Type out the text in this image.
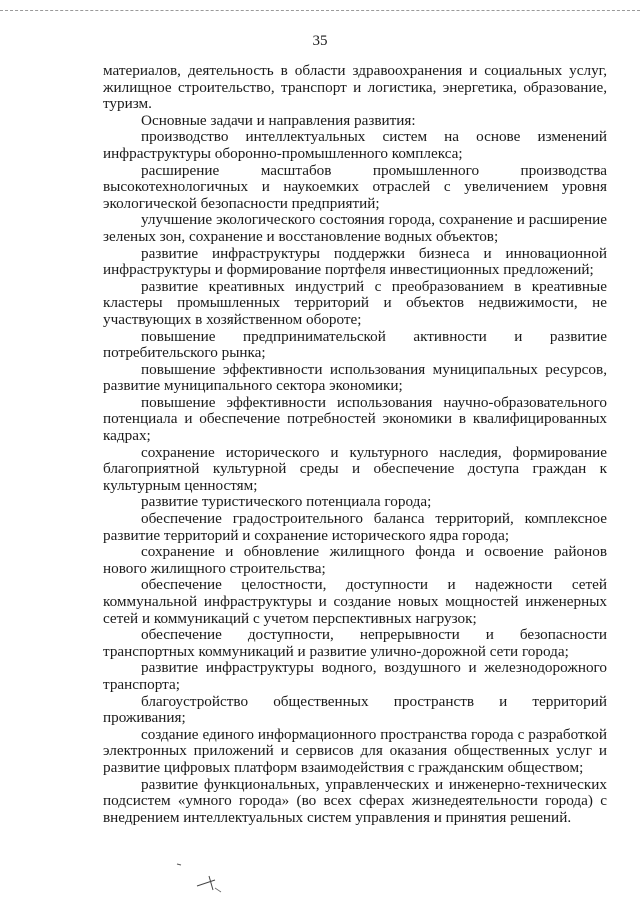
35

материалов, деятельность в области здравоохранения и социальных услуг, жилищное строительство, транспорт и логистика, энергетика, образование, туризм.

Основные задачи и направления развития:

производство интеллектуальных систем на основе изменений инфраструктуры оборонно-промышленного комплекса;

расширение масштабов промышленного производства высокотехнологичных и наукоемких отраслей с увеличением уровня экологической безопасности предприятий;

улучшение экологического состояния города, сохранение и расширение зеленых зон, сохранение и восстановление водных объектов;

развитие инфраструктуры поддержки бизнеса и инновационной инфраструктуры и формирование портфеля инвестиционных предложений;

развитие креативных индустрий с преобразованием в креативные кластеры промышленных территорий и объектов недвижимости, не участвующих в хозяйственном обороте;

повышение предпринимательской активности и развитие потребительского рынка;

повышение эффективности использования муниципальных ресурсов, развитие муниципального сектора экономики;

повышение эффективности использования научно-образовательного потенциала и обеспечение потребностей экономики в квалифицированных кадрах;

сохранение исторического и культурного наследия, формирование благоприятной культурной среды и обеспечение доступа граждан к культурным ценностям;

развитие туристического потенциала города;

обеспечение градостроительного баланса территорий, комплексное развитие территорий и сохранение исторического ядра города;

сохранение и обновление жилищного фонда и освоение районов нового жилищного строительства;

обеспечение целостности, доступности и надежности сетей коммунальной инфраструктуры и создание новых мощностей инженерных сетей и коммуникаций с учетом перспективных нагрузок;

обеспечение доступности, непрерывности и безопасности транспортных коммуникаций и развитие улично-дорожной сети города;

развитие инфраструктуры водного, воздушного и железнодорожного транспорта;

благоустройство общественных пространств и территорий проживания;

создание единого информационного пространства города с разработкой электронных приложений и сервисов для оказания общественных услуг и развитие цифровых платформ взаимодействия с гражданским обществом;

развитие функциональных, управленческих и инженерно-технических подсистем «умного города» (во всех сферах жизнедеятельности города) с внедрением интеллектуальных систем управления и принятия решений.
